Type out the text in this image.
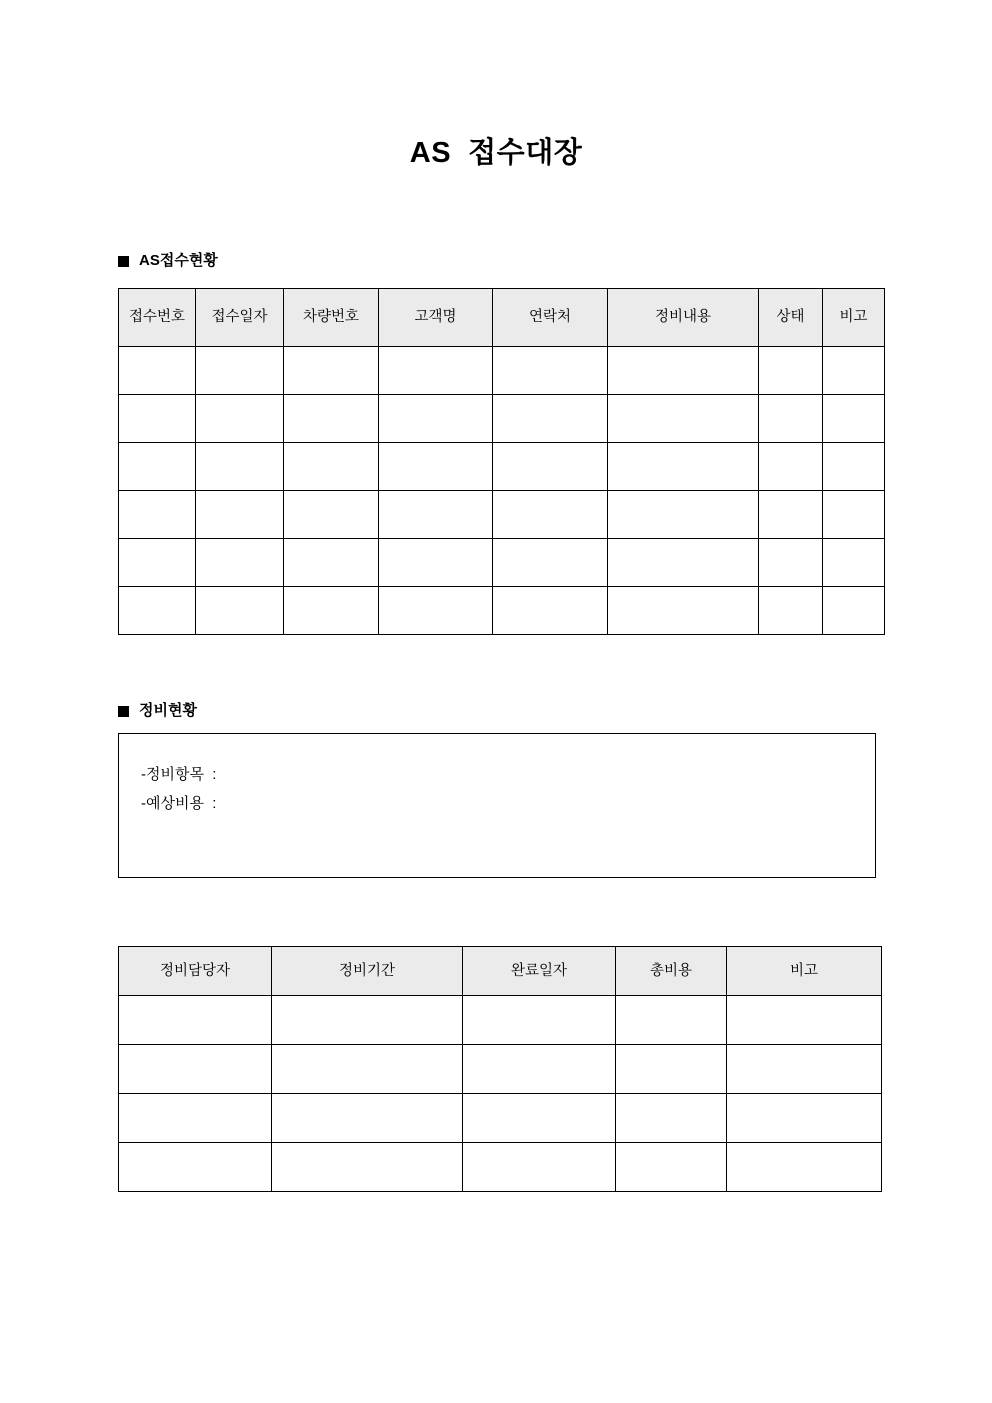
AS  접수대장
AS접수현황
접수번호	접수일자	차량번호	고객명	연락처	정비내용	상태	비고

정비현황
-정비항목  :
-예상비용  :
정비담당자	정비기간	완료일자	총비용	비고
